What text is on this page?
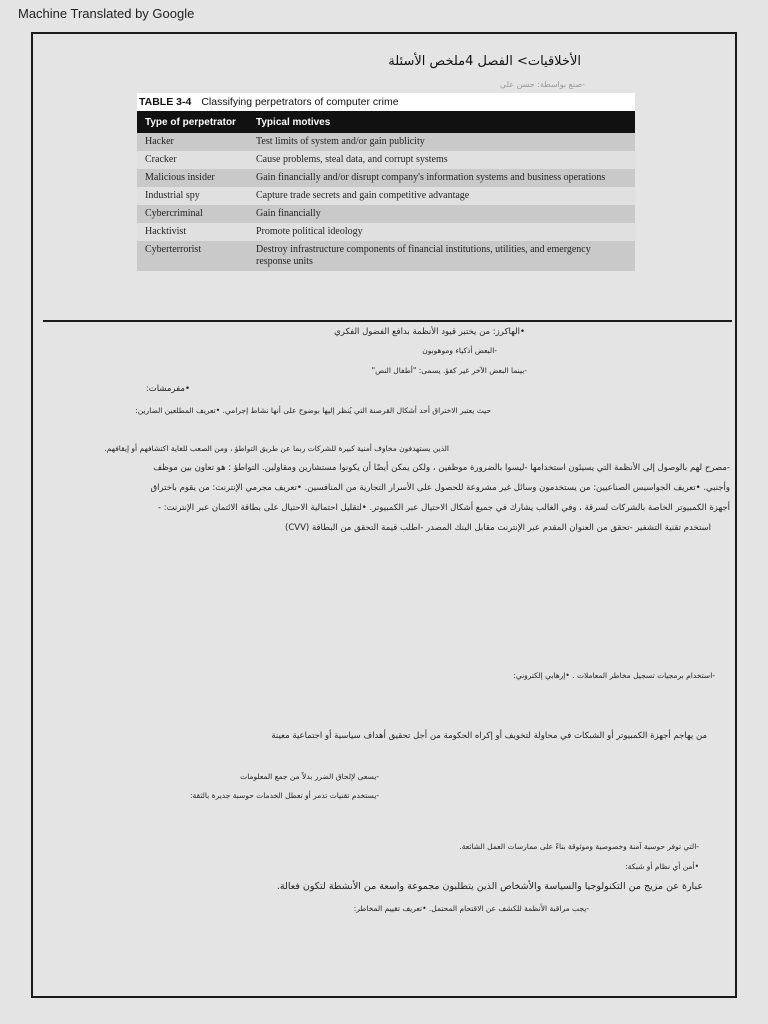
Machine Translated by Google
الأخلاقيات> الفصل 4ملخص الأسئلة
-صنع بواسطة: حسن علي
TABLE 3-4 Classifying perpetrators of computer crime
Type of perpetrator	Typical motives
Hacker	Test limits of system and/or gain publicity
Cracker	Cause problems, steal data, and corrupt systems
Malicious insider	Gain financially and/or disrupt company's information systems and business operations
Industrial spy	Capture trade secrets and gain competitive advantage
Cybercriminal	Gain financially
Hacktivist	Promote political ideology
Cyberterrorist	Destroy infrastructure components of financial institutions, utilities, and emergency response units
•الهاكرز: من يختبر قيود الأنظمة بدافع الفضول الفكري
-البعض أذكياء وموهوبون
-بينما البعض الآخر غير كفؤ. يسمى: "أطفال النص"
•مفرمشات:
حيث يعتبر الاختراق أحد أشكال القرصنة التي يُنظر إليها بوضوح على أنها نشاط إجرامي. •تعريف المطلعين الضارين:
الذين يستهدفون مخاوف أمنية كبيرة للشركات ربما عن طريق التواطؤ ، ومن الصعب للغاية اكتشافهم أو إيقافهم.
-مصرح لهم بالوصول إلى الأنظمة التي يسيئون استخدامها -ليسوا بالضرورة موظفين ، ولكن يمكن أيضًا أن يكونوا مستشارين ومقاولين. التواطؤ : هو تعاون بين موظف
وأجنبي. •تعريف الجواسيس الصناعيين: من يستخدمون وسائل غير مشروعة للحصول على الأسرار التجارية من المنافسين. •تعريف مجرمي الإنترنت: من يقوم باختراق
أجهزة الكمبيوتر الخاصة بالشركات لسرقة ، وفي الغالب يشارك في جميع أشكال الاحتيال عبر الكمبيوتر. •لتقليل احتمالية الاحتيال على بطاقة الائتمان عبر الإنترنت: -
استخدم تقنية التشفير -تحقق من العنوان المقدم عبر الإنترنت مقابل البنك المصدر -اطلب قيمة التحقق من البطاقة (CVV)
-استخدام برمجيات تسجيل مخاطر المعاملات . •إرهابي إلكتروني:
من يهاجم أجهزة الكمبيوتر أو الشبكات في محاولة لتخويف أو إكراه الحكومة من أجل تحقيق أهداف سياسية أو اجتماعية معينة
-يسعى لإلحاق الضرر بدلاً من جمع المعلومات
-يستخدم تقنيات تدمر أو تعطل الخدمات حوسبة جديرة بالثقة:
-التي توفر حوسبة آمنة وخصوصية وموثوقة بناءً على ممارسات العمل الشائعة.
•أمن أي نظام أو شبكة:
عبارة عن مزيج من التكنولوجيا والسياسة والأشخاص الذين يتطلبون مجموعة واسعة من الأنشطة لتكون فعالة.
-يجب مراقبة الأنظمة للكشف عن الاقتحام المحتمل. •تعريف تقييم المخاطر:
